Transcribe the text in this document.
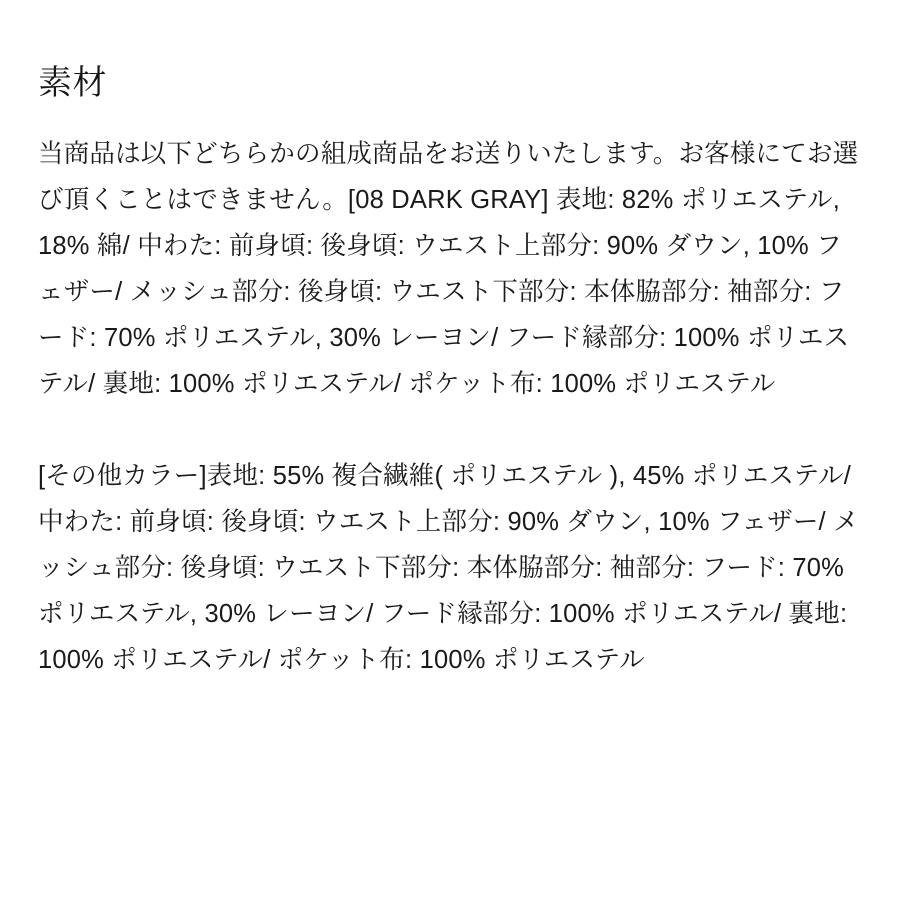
素材

当商品は以下どちらかの組成商品をお送りいたします。お客様にてお選び頂くことはできません。[08 DARK GRAY] 表地: 82% ポリエステル, 18% 綿/ 中わた: 前身頃: 後身頃: ウエスト上部分: 90% ダウン, 10% フェザー/ メッシュ部分: 後身頃: ウエスト下部分: 本体脇部分: 袖部分: フード: 70% ポリエステル, 30% レーヨン/ フード縁部分: 100% ポリエステル/ 裏地: 100% ポリエステル/ ポケット布: 100% ポリエステル

[その他カラー]表地: 55% 複合繊維( ポリエステル ), 45% ポリエステル/ 中わた: 前身頃: 後身頃: ウエスト上部分: 90% ダウン, 10% フェザー/ メッシュ部分: 後身頃: ウエスト下部分: 本体脇部分: 袖部分: フード: 70% ポリエステル, 30% レーヨン/ フード縁部分: 100% ポリエステル/ 裏地: 100% ポリエステル/ ポケット布: 100% ポリエステル
